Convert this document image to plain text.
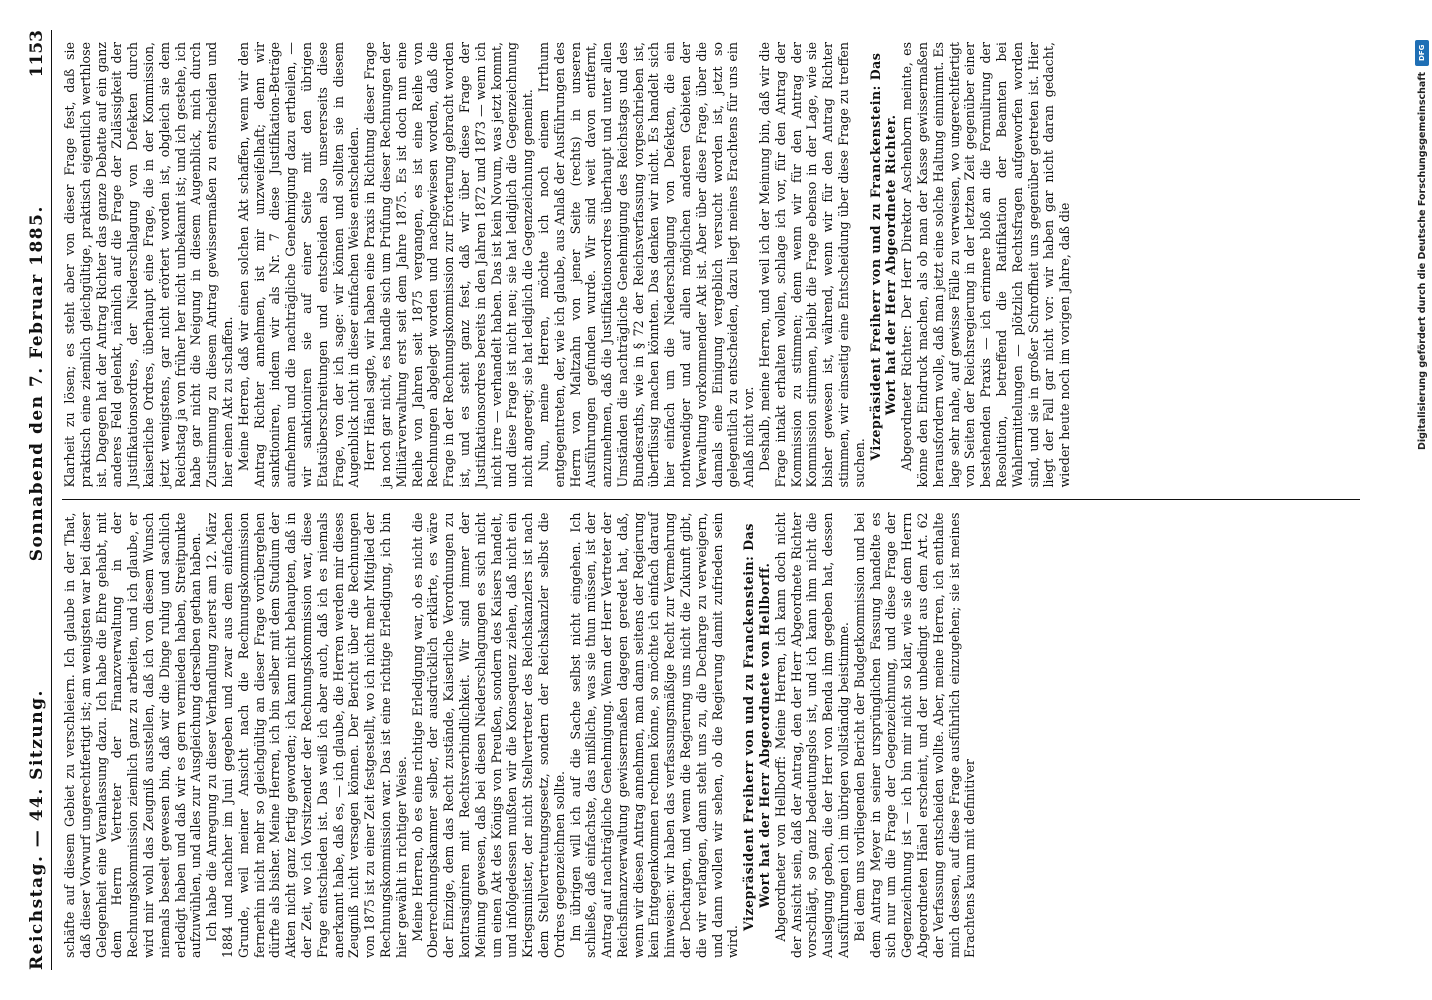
Reichstag. — 44. Sitzung.
Sonnabend den 7. Februar 1885.
1153

schäfte auf diesem Gebiet zu verschleiern. Ich glaube in der That, daß dieser Vorwurf ungerechtfertigt ist; am wenigsten war bei dieser Gelegenheit eine Veranlassung dazu. Ich habe die Ehre gehabt, mit dem Herrn Vertreter der Finanzverwaltung in der Rechnungskommission ziemlich ganz zu arbeiten, und ich glaube, er wird mir wohl das Zeugniß ausstellen, daß ich von diesem Wunsch niemals beseelt gewesen bin, daß wir die Dinge ruhig und sachlich erledigt haben und daß wir es gern vermieden haben, Streitpunkte aufzuwühlen, und alles zur Ausgleichung derselben gethan haben. Ich habe die Anregung zu dieser Verhandlung zuerst am 12. März 1884 und nachher im Juni gegeben und zwar aus dem einfachen Grunde, weil meiner Ansicht nach die Rechnungskommission fernerhin nicht mehr so gleichgültig an dieser Frage vorübergehen dürfte als bisher. Meine Herren, ich bin selber mit dem Studium der Akten nicht ganz fertig geworden; ich kann nicht behaupten, daß in der Zeit, wo ich Vorsitzender der Rechnungskommission war, diese Frage entschieden ist. Das weiß ich aber auch, daß ich es niemals anerkannt habe, daß es, — ich glaube, die Herren werden mir dieses Zeugniß nicht versagen können. Der Bericht über die Rechnungen von 1875 ist zu einer Zeit festgestellt, wo ich nicht mehr Mitglied der Rechnungskommission war. Das ist eine richtige Erledigung, ich bin hier gewählt in richtiger Weise. Meine Herren, ob es eine richtige Erledigung war, ob es nicht die Oberrechnungskammer selber, der ausdrücklich erklärte, es wäre der Einzige, dem das Recht zustände, Kaiserliche Verordnungen zu kontrasigniren mit Rechtsverbindlichkeit. Wir sind immer der Meinung gewesen, daß bei diesen Niederschlagungen es sich nicht um einen Akt des Königs von Preußen, sondern des Kaisers handelt, und infolgedessen mußten wir die Konsequenz ziehen, daß nicht ein Kriegsminister, der nicht Stellvertreter des Reichskanzlers ist nach dem Stellvertretungsgesetz, sondern der Reichskanzler selbst die Ordres gegenzeichnen sollte. Im übrigen will ich auf die Sache selbst nicht eingehen. Ich schließe, daß einfachste, das mißliche, was sie thun müssen, ist der Antrag auf nachträgliche Genehmigung. Wenn der Herr Vertreter der Reichsfinanzverwaltung gewissermaßen dagegen geredet hat, daß, wenn wir diesen Antrag annehmen, man dann seitens der Regierung kein Entgegenkommen rechnen könne, so möchte ich einfach darauf hinweisen: wir haben das verfassungsmäßige Recht zur Vermehrung der Dechargen, und wenn die Regierung uns nicht die Zukunft gibt, die wir verlangen, dann steht uns zu, die Decharge zu verweigern, und dann wollen wir sehen, ob die Regierung damit zufrieden sein wird.

Vizepräsident Freiherr von und zu Franckenstein: Das Wort hat der Herr Abgeordnete von Hellborff. Abgeordneter von Hellborff: Meine Herren, ich kann doch nicht der Ansicht sein, daß der Antrag, den der Herr Abgeordnete Richter vorschlägt, so ganz bedeutungslos ist, und ich kann ihm nicht die Auslegung geben, die der Herr von Benda ihm gegeben hat, dessen Ausführungen ich im übrigen vollständig beistimme. Bei dem uns vorliegenden Bericht der Budgetkommission und bei dem Antrag Meyer in seiner ursprünglichen Fassung handelte es sich nur um die Frage der Gegenzeichnung, und diese Frage der Gegenzeichnung ist — ich bin mir nicht so klar, wie sie dem Herrn Abgeordneten Hänel erscheint, und der unbedingt aus dem Art. 62 der Verfassung entscheiden wollte. Aber, meine Herren, ich enthalte mich dessen, auf diese Frage ausführlich einzugehen; sie ist meines Erachtens kaum mit definitiver

Klarheit zu lösen; es steht aber von dieser Frage fest, daß sie praktisch eine ziemlich gleichgültige, praktisch eigentlich werthlose ist. Dagegen hat der Antrag Richter das ganze Debatte auf ein ganz anderes Feld gelenkt, nämlich auf die Frage der Zulässigkeit der Justifikationsordres, der Niederschlagung von Defekten durch kaiserliche Ordres, überhaupt eine Frage, die in der Kommission, jetzt wenigstens, gar nicht erörtert worden ist, obgleich sie dem Reichstag ja von früher her nicht unbekannt ist; und ich gestehe, ich habe gar nicht die Neigung in diesem Augenblick, mich durch Zustimmung zu diesem Antrag gewissermaßen zu entscheiden und hier einen Akt zu schaffen. Meine Herren, daß wir einen solchen Akt schaffen, wenn wir den Antrag Richter annehmen, ist mir unzweifelhaft; denn wir sanktioniren, indem wir als Nr. 7 diese Justifikation-Beträge aufnehmen und die nachträgliche Genehmigung dazu ertheilen, — wir sanktioniren sie auf einer Seite mit den übrigen Etatsüberschreitungen und entscheiden also unsererseits diese Frage, von der ich sage: wir können und sollten sie in diesem Augenblick nicht in dieser einfachen Weise entscheiden. Herr Hänel sagte, wir haben eine Praxis in Richtung dieser Frage ja noch gar nicht, es handle sich um Prüfung dieser Rechnungen der Militärverwaltung erst seit dem Jahre 1875. Es ist doch nun eine Reihe von Jahren seit 1875 vergangen, es ist eine Reihe von Rechnungen abgelegt worden und nachgewiesen worden, daß die Frage in der Rechnungskommission zur Erörterung gebracht worden ist, und es steht ganz fest, daß wir über diese Frage der Justifikationsordres bereits in den Jahren 1872 und 1873 — wenn ich nicht irre — verhandelt haben. Das ist kein Novum, was jetzt kommt, und diese Frage ist nicht neu; sie hat lediglich die Gegenzeichnung nicht angeregt; sie hat lediglich die Gegenzeichnung gemeint. Nun, meine Herren, möchte ich noch einem Irrthum entgegentreten, der, wie ich glaube, aus Anlaß der Ausführungen des Herrn von Maltzahn von jener Seite (rechts) in unseren Ausführungen gefunden wurde. Wir sind weit davon entfernt, anzunehmen, daß die Justifikationsordres überhaupt und unter allen Umständen die nachträgliche Genehmigung des Reichstags und des Bundesraths, wie in § 72 der Reichsverfassung vorgeschrieben ist, überflüssig machen könnten. Das denken wir nicht. Es handelt sich hier einfach um die Niederschlagung von Defekten, die ein nothwendiger und auf allen möglichen anderen Gebieten der Verwaltung vorkommender Akt ist. Aber über diese Frage, über die damals eine Einigung vergeblich versucht worden ist, jetzt so gelegentlich zu entscheiden, dazu liegt meines Erachtens für uns ein Anlaß nicht vor. Deshalb, meine Herren, und weil ich der Meinung bin, daß wir die Frage intakt erhalten wollen, schlage ich vor, für den Antrag der Kommission zu stimmen; denn wenn wir für den Antrag der Kommission stimmen, bleibt die Frage ebenso in der Lage, wie sie bisher gewesen ist, während, wenn wir für den Antrag Richter stimmen, wir einseitig eine Entscheidung über diese Frage zu treffen suchen.

Vizepräsident Freiherr von und zu Franckenstein: Das Wort hat der Herr Abgeordnete Richter. Abgeordneter Richter: Der Herr Direktor Aschenborn meinte, es könne den Eindruck machen, als ob man der Kasse gewissermaßen herausfordern wolle, daß man jetzt eine solche Haltung einnimmt. Es lage sehr nahe, auf gewisse Fälle zu verweisen, wo ungerechtfertigt von Seiten der Reichsregierung in der letzten Zeit gegenüber einer bestehenden Praxis — ich erinnere bloß an die Formulirung der Resolution, betreffend die Ratifikation der Beamten bei Wahlermittelungen — plötzlich Rechtsfragen aufgeworfen worden sind, und sie in großer Schroffheit uns gegenüber getreten ist. Hier liegt der Fall gar nicht vor: wir haben gar nicht daran gedacht, wieder heute noch im vorigen Jahre, daß die

DFG
Digitalisierung gefördert durch die Deutsche Forschungsgemeinschaft
